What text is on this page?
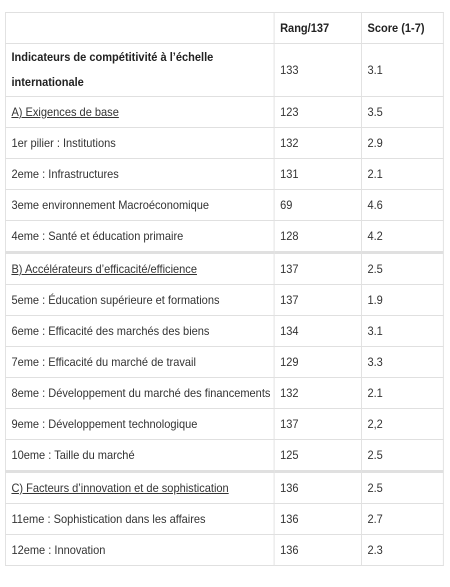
	Rang/137	Score (1-7)
Indicateurs de compétitivité à l’échelle internationale	133	3.1
A) Exigences de base	123	3.5
1er pilier : Institutions	132	2.9
2eme : Infrastructures	131	2.1
3eme environnement Macroéconomique	69	4.6
4eme : Santé et éducation primaire	128	4.2
B) Accélérateurs d’efficacité/efficience	137	2.5
5eme : Éducation supérieure et formations	137	1.9
6eme : Efficacité des marchés des biens	134	3.1
7eme : Efficacité du marché de travail	129	3.3
8eme : Développement du marché des financements	132	2.1
9eme : Développement technologique	137	2,2
10eme : Taille du marché	125	2.5
C) Facteurs d’innovation et de sophistication	136	2.5
11eme : Sophistication dans les affaires	136	2.7
12eme : Innovation	136	2.3
